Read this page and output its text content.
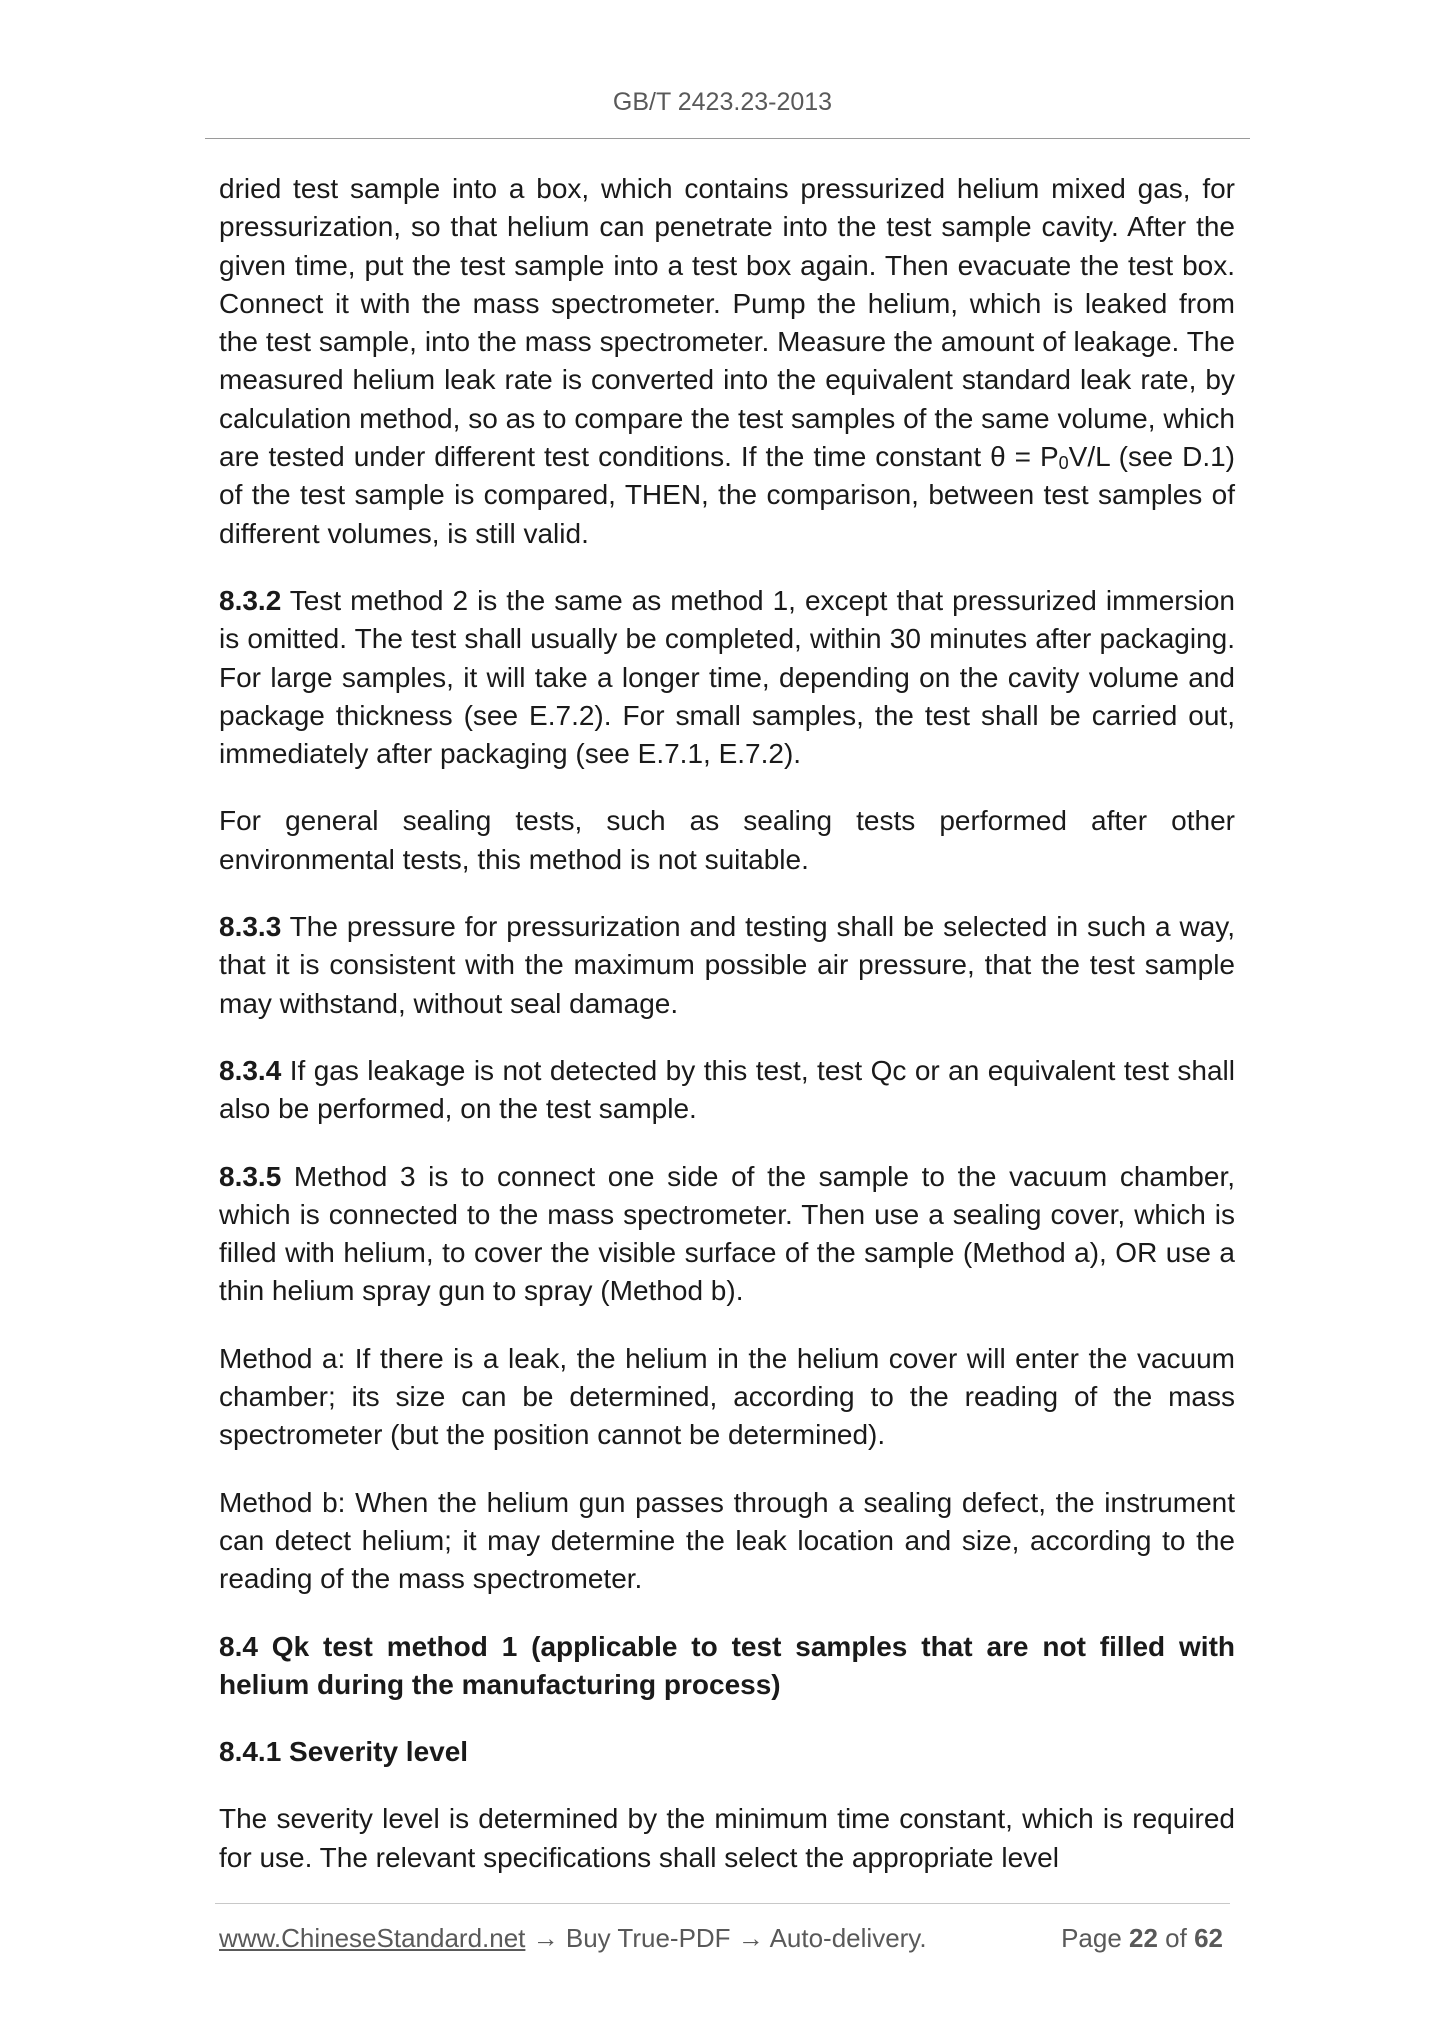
GB/T 2423.23-2013

dried test sample into a box, which contains pressurized helium mixed gas, for pressurization, so that helium can penetrate into the test sample cavity. After the given time, put the test sample into a test box again. Then evacuate the test box. Connect it with the mass spectrometer. Pump the helium, which is leaked from the test sample, into the mass spectrometer. Measure the amount of leakage. The measured helium leak rate is converted into the equivalent standard leak rate, by calculation method, so as to compare the test samples of the same volume, which are tested under different test conditions. If the time constant $\theta = P_0V/L$ (see D.1) of the test sample is compared, THEN, the comparison, between test samples of different volumes, is still valid.

8.3.2 Test method 2 is the same as method 1, except that pressurized immersion is omitted. The test shall usually be completed, within 30 minutes after packaging. For large samples, it will take a longer time, depending on the cavity volume and package thickness (see E.7.2). For small samples, the test shall be carried out, immediately after packaging (see E.7.1, E.7.2).

For general sealing tests, such as sealing tests performed after other environmental tests, this method is not suitable.

8.3.3 The pressure for pressurization and testing shall be selected in such a way, that it is consistent with the maximum possible air pressure, that the test sample may withstand, without seal damage.

8.3.4 If gas leakage is not detected by this test, test Qc or an equivalent test shall also be performed, on the test sample.

8.3.5 Method 3 is to connect one side of the sample to the vacuum chamber, which is connected to the mass spectrometer. Then use a sealing cover, which is filled with helium, to cover the visible surface of the sample (Method a), OR use a thin helium spray gun to spray (Method b).

Method a: If there is a leak, the helium in the helium cover will enter the vacuum chamber; its size can be determined, according to the reading of the mass spectrometer (but the position cannot be determined).

Method b: When the helium gun passes through a sealing defect, the instrument can detect helium; it may determine the leak location and size, according to the reading of the mass spectrometer.

8.4 Qk test method 1 (applicable to test samples that are not filled with helium during the manufacturing process)

8.4.1 Severity level

The severity level is determined by the minimum time constant, which is required for use. The relevant specifications shall select the appropriate level

www.ChineseStandard.net → Buy True-PDF → Auto-delivery.	Page 22 of 62
